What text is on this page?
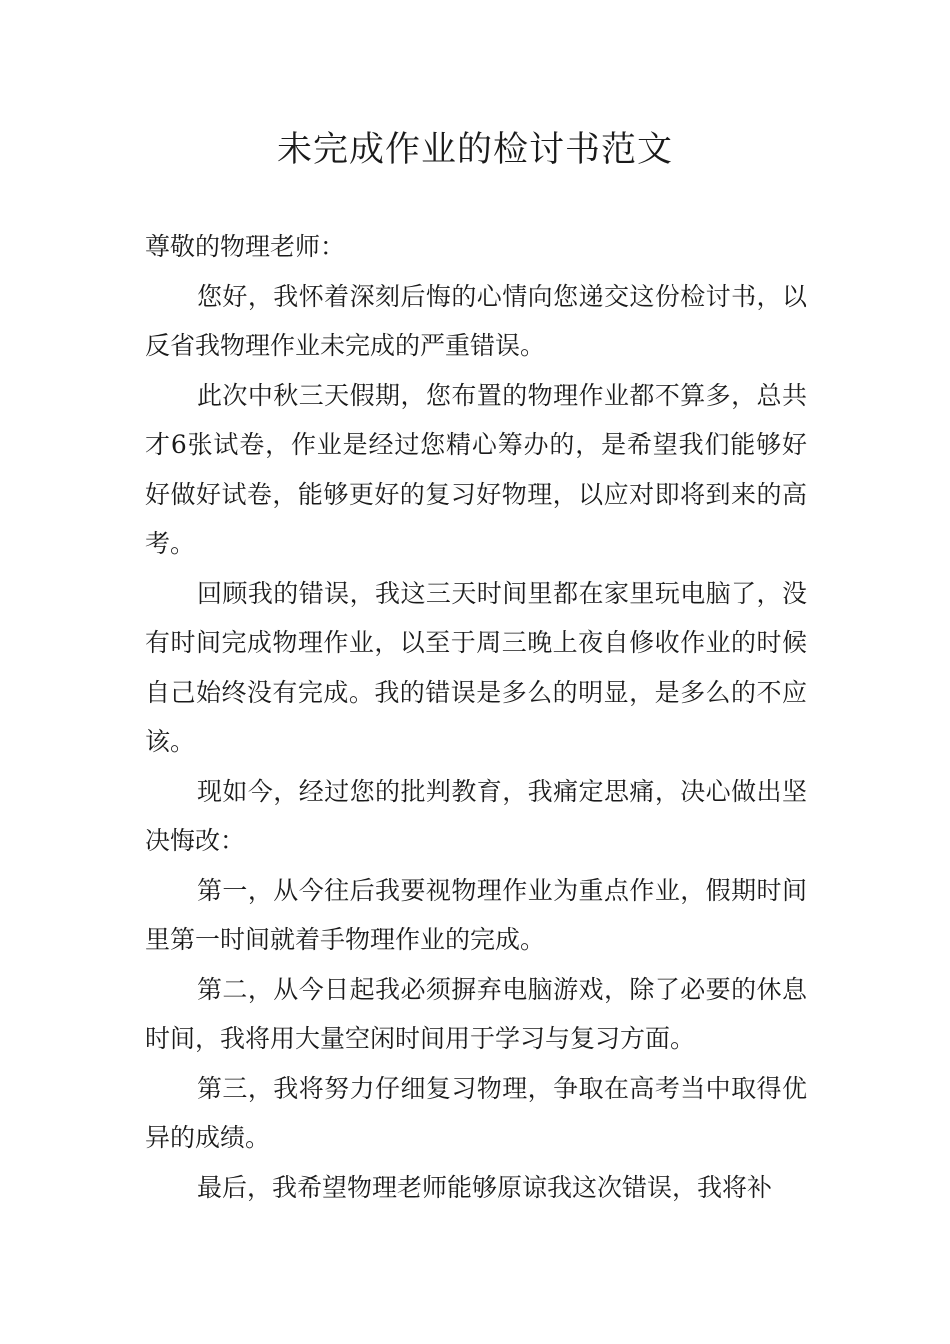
未完成作业的检讨书范文

尊敬的物理老师：

您好，我怀着深刻后悔的心情向您递交这份检讨书，以反省我物理作业未完成的严重错误。

此次中秋三天假期，您布置的物理作业都不算多，总共才6张试卷，作业是经过您精心筹办的，是希望我们能够好好做好试卷，能够更好的复习好物理，以应对即将到来的高考。

回顾我的错误，我这三天时间里都在家里玩电脑了，没有时间完成物理作业，以至于周三晚上夜自修收作业的时候自己始终没有完成。我的错误是多么的明显，是多么的不应该。

现如今，经过您的批判教育，我痛定思痛，决心做出坚决悔改：

第一，从今往后我要视物理作业为重点作业，假期时间里第一时间就着手物理作业的完成。

第二，从今日起我必须摒弃电脑游戏，除了必要的休息时间，我将用大量空闲时间用于学习与复习方面。

第三，我将努力仔细复习物理，争取在高考当中取得优异的成绩。

最后，我希望物理老师能够原谅我这次错误，我将补
